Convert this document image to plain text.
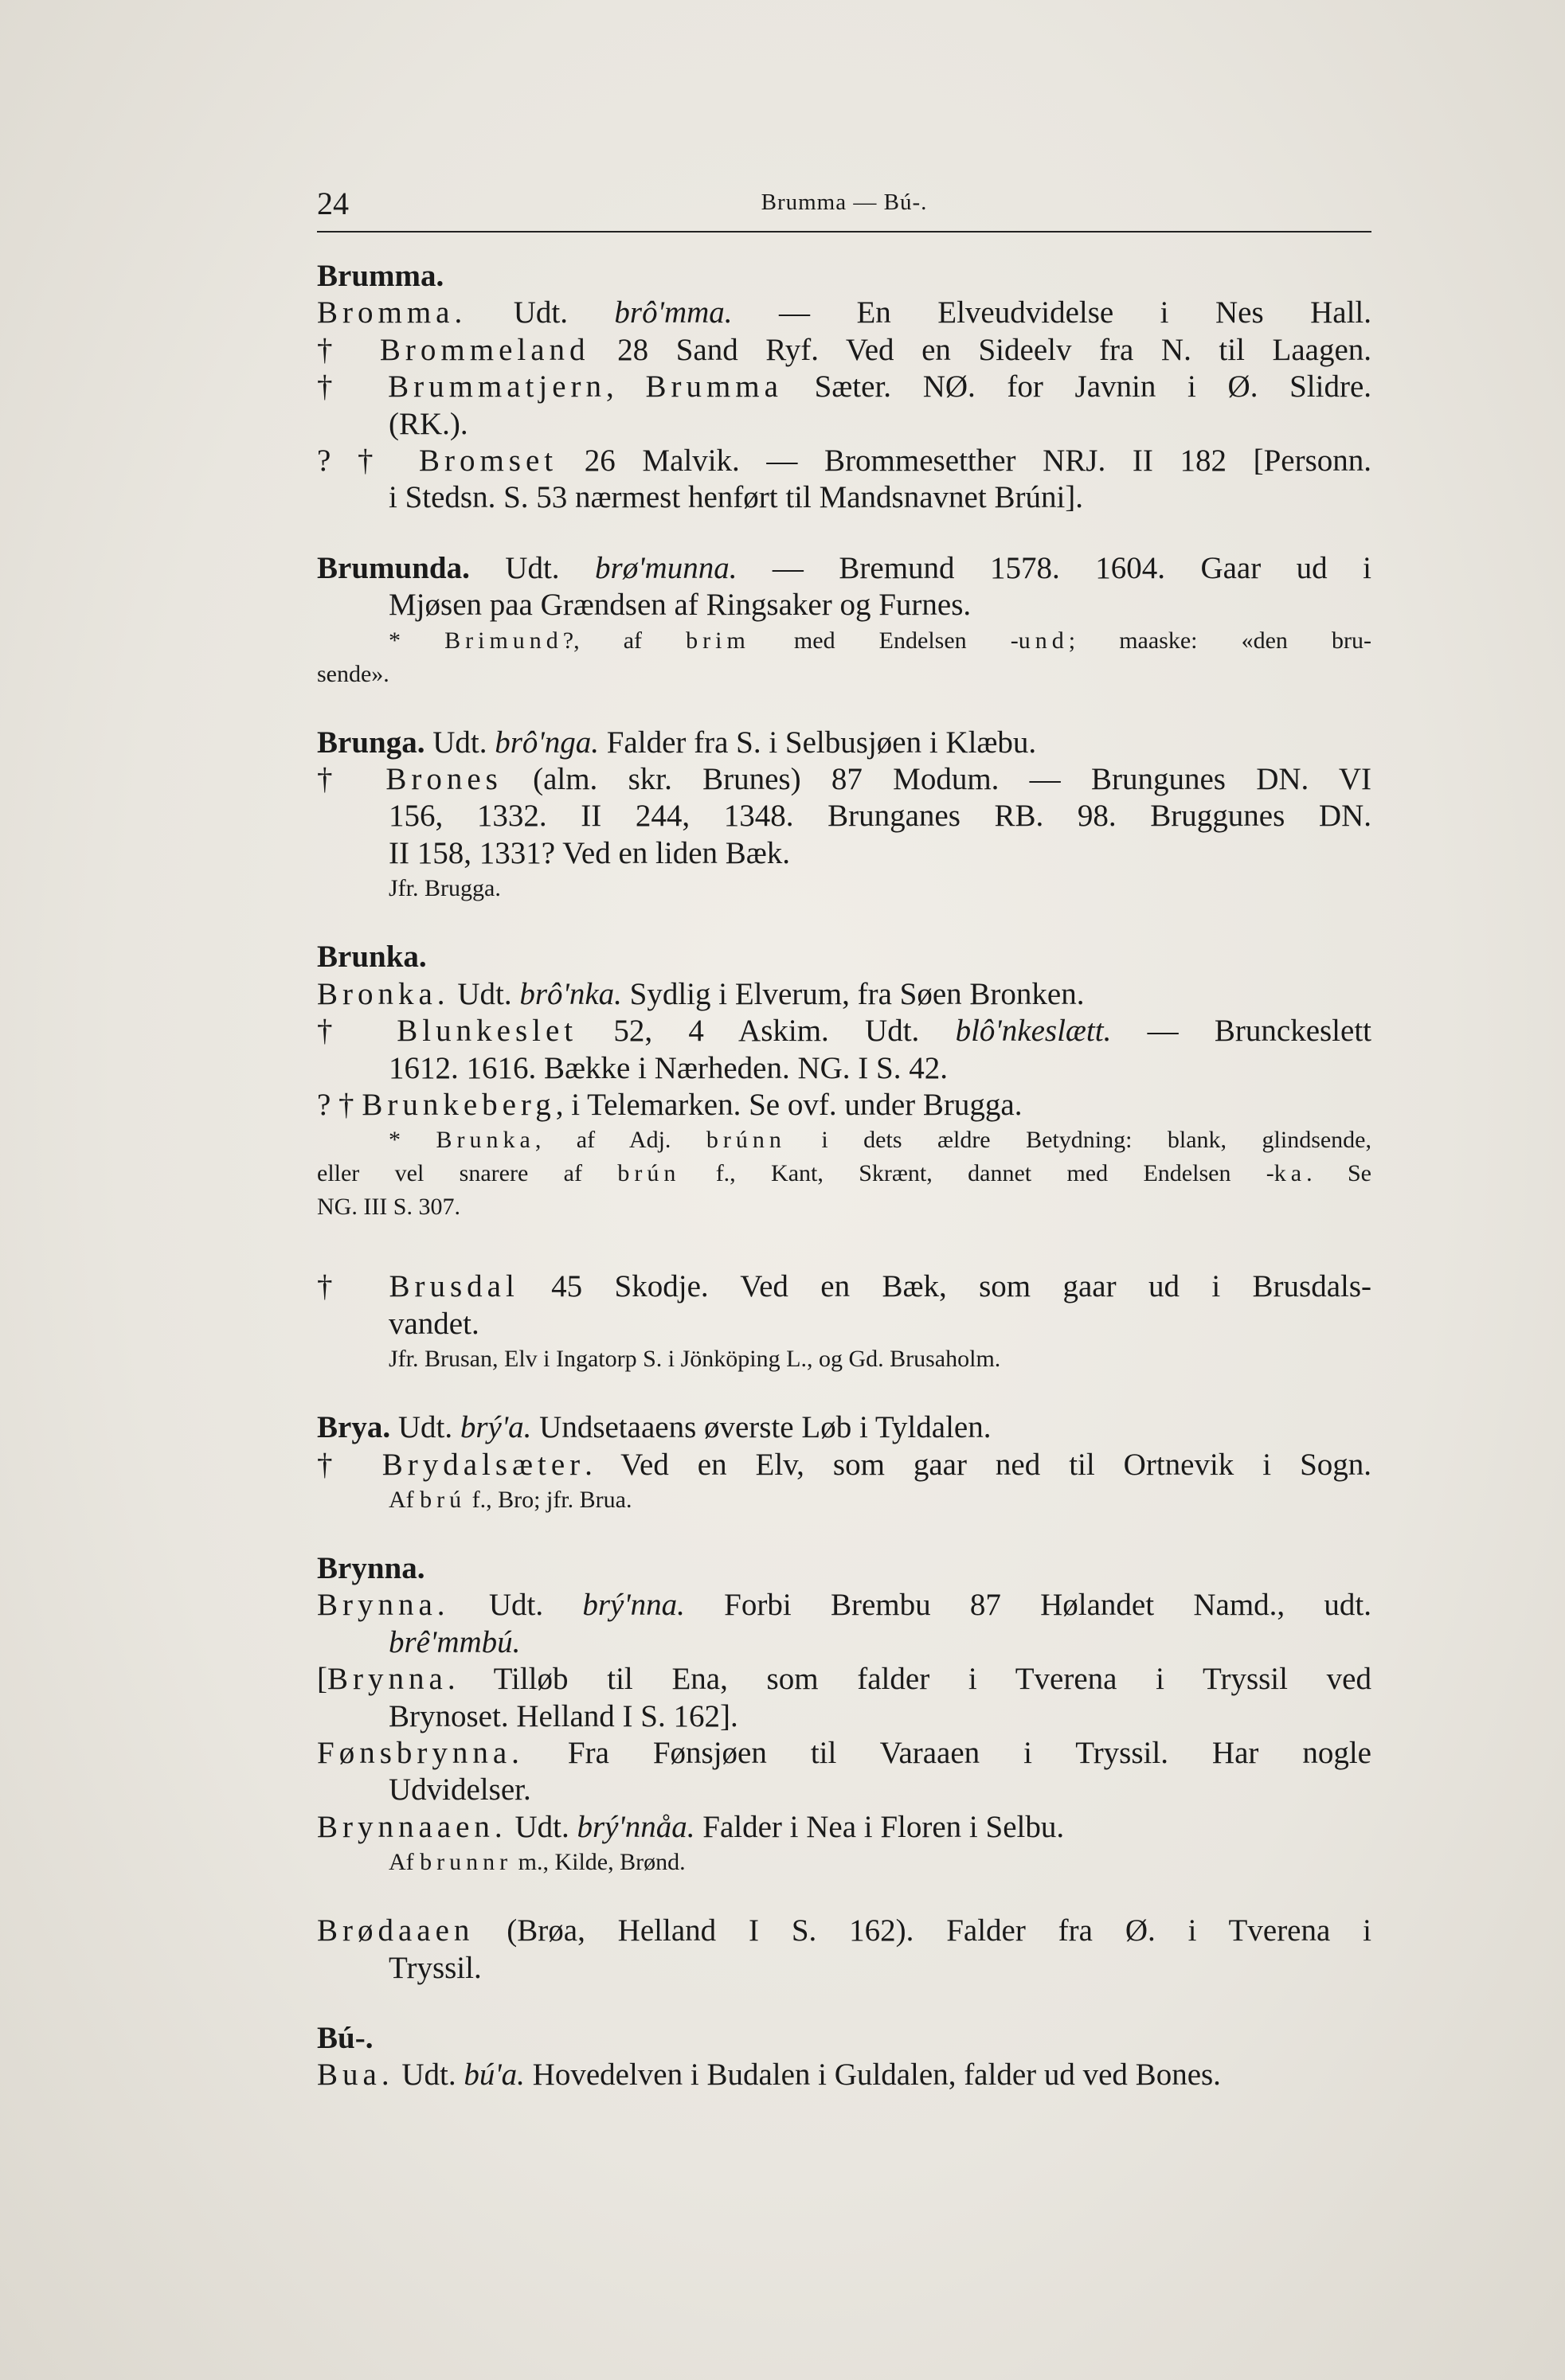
24	Brumma — Bú-.
Brumma.
Bromma. Udt. brô'mma. — En Elveudvidelse i Nes Hall.
† Brommeland 28 Sand Ryf. Ved en Sideelv fra N. til Laagen.
† Brummatjern, Brumma Sæter. NØ. for Javnin i Ø. Slidre.
(RK.).
? † Bromset 26 Malvik. — Brommesetther NRJ. II 182 [Personn.
i Stedsn. S. 53 nærmest henført til Mandsnavnet Brúni].
Brumunda. Udt. brø'munna. — Bremund 1578. 1604. Gaar ud i
Mjøsen paa Grændsen af Ringsaker og Furnes.
* Brimund?, af brim med Endelsen -und; maaske: «den bru-
sende».
Brunga. Udt. brô'nga. Falder fra S. i Selbusjøen i Klæbu.
† Brones (alm. skr. Brunes) 87 Modum. — Brungunes DN. VI
156, 1332. II 244, 1348. Brunganes RB. 98. Bruggunes DN.
II 158, 1331? Ved en liden Bæk.
Jfr. Brugga.
Brunka.
Bronka. Udt. brô'nka. Sydlig i Elverum, fra Søen Bronken.
† Blunkeslet 52, 4 Askim. Udt. blô'nkeslætt. — Brunckeslett
1612. 1616. Bække i Nærheden. NG. I S. 42.
? † Brunkeberg, i Telemarken. Se ovf. under Brugga.
* Brunka, af Adj. brúnn i dets ældre Betydning: blank, glindsende,
eller vel snarere af brún f., Kant, Skrænt, dannet med Endelsen -ka. Se
NG. III S. 307.
† Brusdal 45 Skodje. Ved en Bæk, som gaar ud i Brusdals-
vandet.
Jfr. Brusan, Elv i Ingatorp S. i Jönköping L., og Gd. Brusaholm.
Brya. Udt. brý'a. Undsetaaens øverste Løb i Tyldalen.
† Brydalsæter. Ved en Elv, som gaar ned til Ortnevik i Sogn.
Af brú f., Bro; jfr. Brua.
Brynna.
Brynna. Udt. brý'nna. Forbi Brembu 87 Hølandet Namd., udt.
brê'mmbú.
[Brynna. Tilløb til Ena, som falder i Tverena i Tryssil ved
Brynoset. Helland I S. 162].
Fønsbrynna. Fra Fønsjøen til Varaaen i Tryssil. Har nogle
Udvidelser.
Brynnaaen. Udt. brý'nnåa. Falder i Nea i Floren i Selbu.
Af brunnr m., Kilde, Brønd.
Brødaaen (Brøa, Helland I S. 162). Falder fra Ø. i Tverena i
Tryssil.
Bú-.
Bua. Udt. bú'a. Hovedelven i Budalen i Guldalen, falder ud ved Bones.
